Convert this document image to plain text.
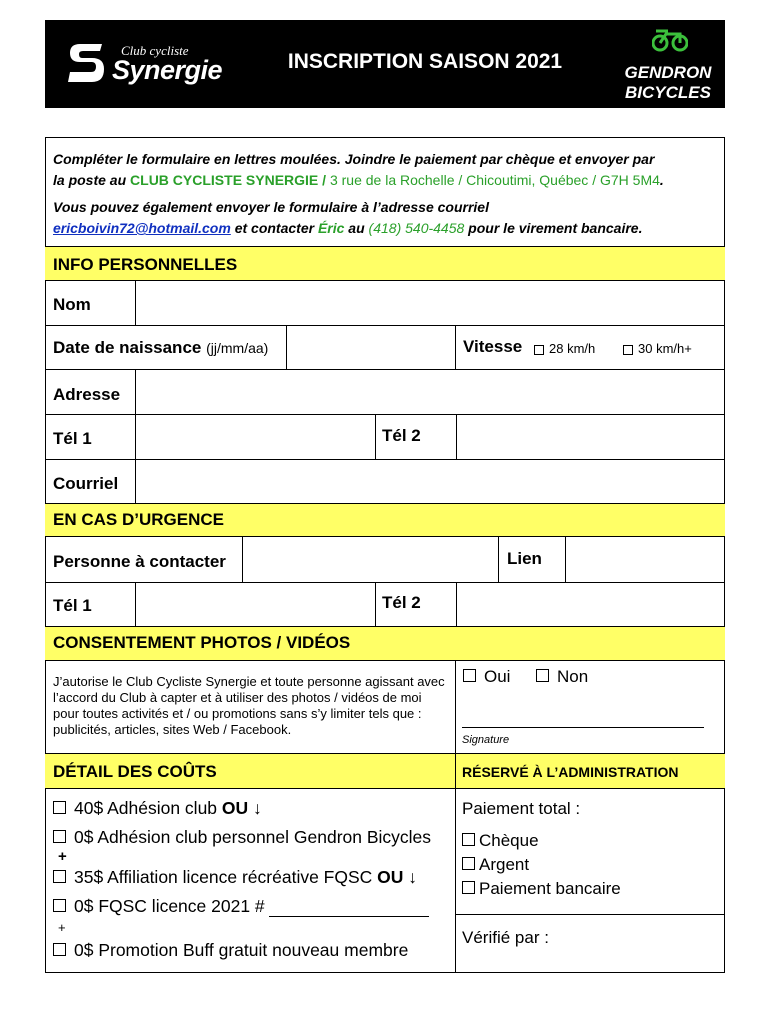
Club cycliste
Synergie	INSCRIPTION SAISON 2021	GENDRON
BICYCLES
Compléter le formulaire en lettres moulées. Joindre le paiement par chèque et envoyer par
la poste au CLUB CYCLISTE SYNERGIE / 3 rue de la Rochelle / Chicoutimi, Québec / G7H 5M4.
Vous pouvez également envoyer le formulaire à l’adresse courriel
ericboivin72@hotmail.com et contacter Éric au (418) 540-4458 pour le virement bancaire.
INFO PERSONNELLES
Nom
Date de naissance (jj/mm/aa)	Vitesse	28 km/h	30 km/h+
Adresse
Tél 1	Tél 2
Courriel
EN CAS D’URGENCE
Personne à contacter	Lien
Tél 1	Tél 2
CONSENTEMENT PHOTOS / VIDÉOS
J’autorise le Club Cycliste Synergie et toute personne agissant avec l’accord du Club à capter et à utiliser des photos / vidéos de moi pour toutes activités et / ou promotions sans s’y limiter tels que : publicités, articles, sites Web / Facebook.
Oui	Non
Signature
DÉTAIL DES COÛTS	RÉSERVÉ À L’ADMINISTRATION
40$ Adhésion club OU ↓
0$ Adhésion club personnel Gendron Bicycles
+
35$ Affiliation licence récréative FQSC OU ↓
0$ FQSC licence 2021 #
+
0$ Promotion Buff gratuit nouveau membre
Paiement total :
Chèque
Argent
Paiement bancaire
Vérifié par :
